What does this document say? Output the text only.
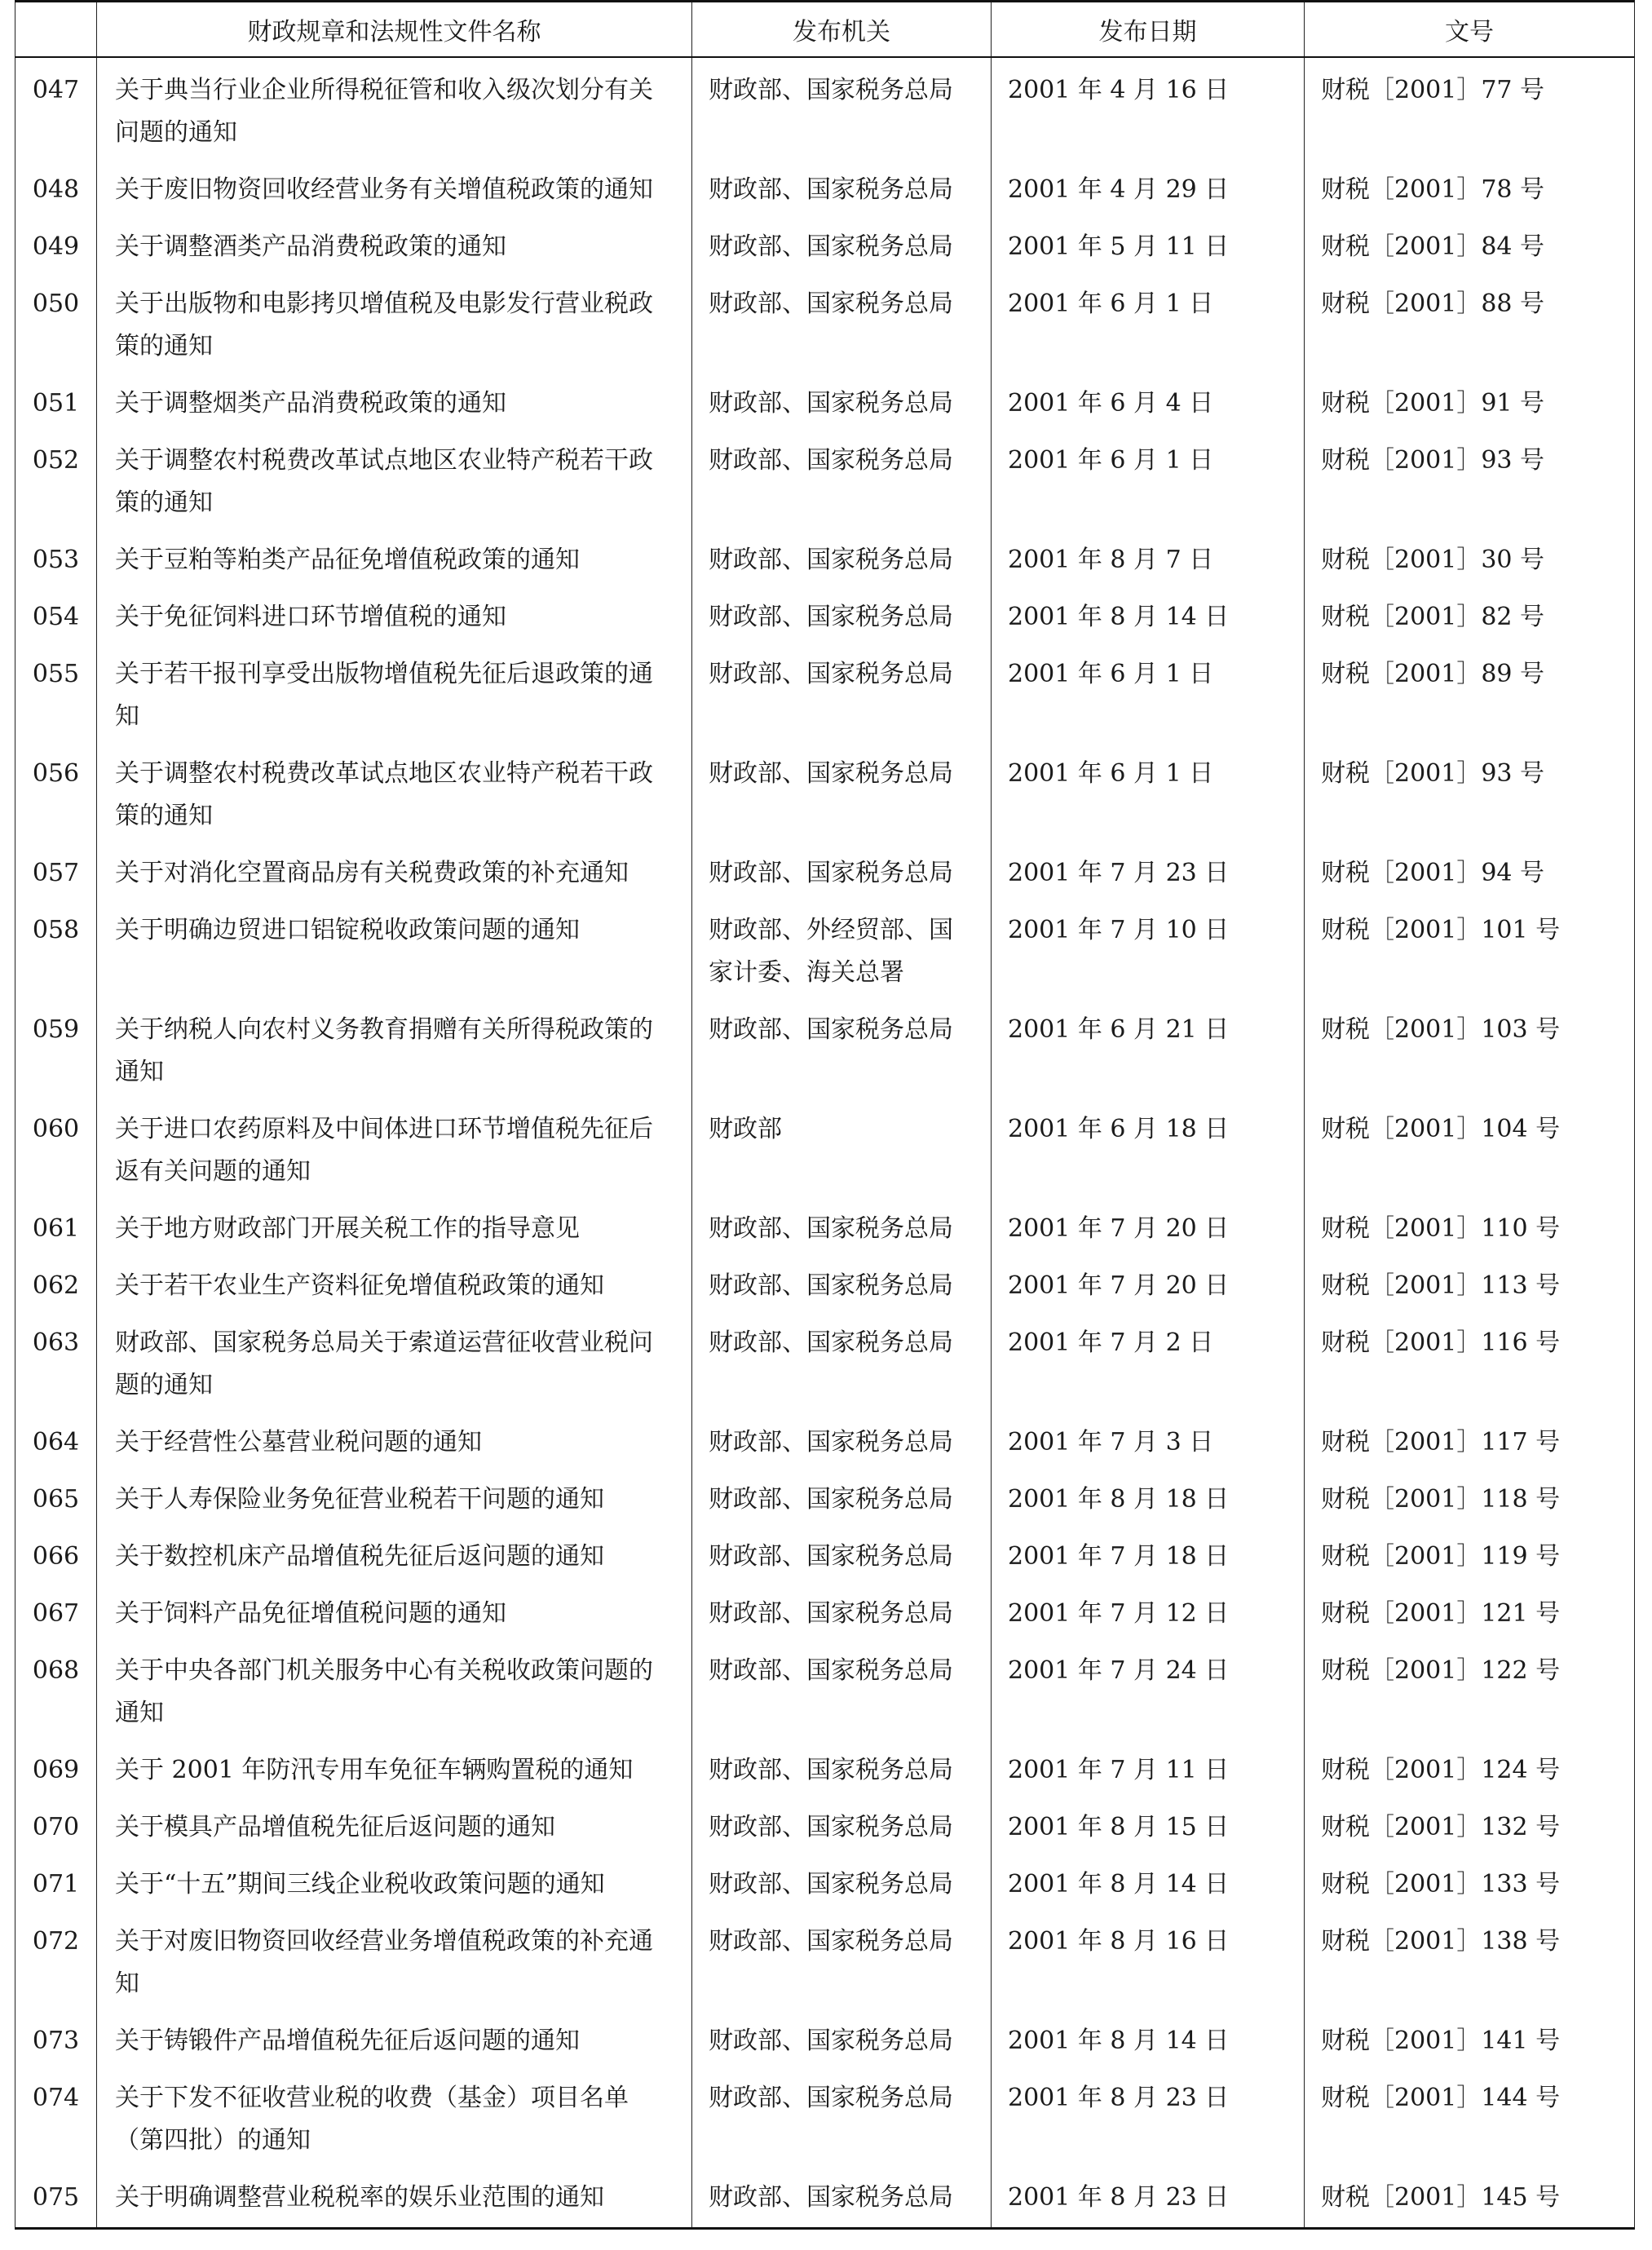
	财政规章和法规性文件名称	发布机关	发布日期	文号
047	关于典当行业企业所得税征管和收入级次划分有关问题的通知	财政部、国家税务总局	2001 年 4 月 16 日	财税［2001］77 号
048	关于废旧物资回收经营业务有关增值税政策的通知	财政部、国家税务总局	2001 年 4 月 29 日	财税［2001］78 号
049	关于调整酒类产品消费税政策的通知	财政部、国家税务总局	2001 年 5 月 11 日	财税［2001］84 号
050	关于出版物和电影拷贝增值税及电影发行营业税政策的通知	财政部、国家税务总局	2001 年 6 月 1 日	财税［2001］88 号
051	关于调整烟类产品消费税政策的通知	财政部、国家税务总局	2001 年 6 月 4 日	财税［2001］91 号
052	关于调整农村税费改革试点地区农业特产税若干政策的通知	财政部、国家税务总局	2001 年 6 月 1 日	财税［2001］93 号
053	关于豆粕等粕类产品征免增值税政策的通知	财政部、国家税务总局	2001 年 8 月 7 日	财税［2001］30 号
054	关于免征饲料进口环节增值税的通知	财政部、国家税务总局	2001 年 8 月 14 日	财税［2001］82 号
055	关于若干报刊享受出版物增值税先征后退政策的通知	财政部、国家税务总局	2001 年 6 月 1 日	财税［2001］89 号
056	关于调整农村税费改革试点地区农业特产税若干政策的通知	财政部、国家税务总局	2001 年 6 月 1 日	财税［2001］93 号
057	关于对消化空置商品房有关税费政策的补充通知	财政部、国家税务总局	2001 年 7 月 23 日	财税［2001］94 号
058	关于明确边贸进口铝锭税收政策问题的通知	财政部、外经贸部、国家计委、海关总署	2001 年 7 月 10 日	财税［2001］101 号
059	关于纳税人向农村义务教育捐赠有关所得税政策的通知	财政部、国家税务总局	2001 年 6 月 21 日	财税［2001］103 号
060	关于进口农药原料及中间体进口环节增值税先征后返有关问题的通知	财政部	2001 年 6 月 18 日	财税［2001］104 号
061	关于地方财政部门开展关税工作的指导意见	财政部、国家税务总局	2001 年 7 月 20 日	财税［2001］110 号
062	关于若干农业生产资料征免增值税政策的通知	财政部、国家税务总局	2001 年 7 月 20 日	财税［2001］113 号
063	财政部、国家税务总局关于索道运营征收营业税问题的通知	财政部、国家税务总局	2001 年 7 月 2 日	财税［2001］116 号
064	关于经营性公墓营业税问题的通知	财政部、国家税务总局	2001 年 7 月 3 日	财税［2001］117 号
065	关于人寿保险业务免征营业税若干问题的通知	财政部、国家税务总局	2001 年 8 月 18 日	财税［2001］118 号
066	关于数控机床产品增值税先征后返问题的通知	财政部、国家税务总局	2001 年 7 月 18 日	财税［2001］119 号
067	关于饲料产品免征增值税问题的通知	财政部、国家税务总局	2001 年 7 月 12 日	财税［2001］121 号
068	关于中央各部门机关服务中心有关税收政策问题的通知	财政部、国家税务总局	2001 年 7 月 24 日	财税［2001］122 号
069	关于 2001 年防汛专用车免征车辆购置税的通知	财政部、国家税务总局	2001 年 7 月 11 日	财税［2001］124 号
070	关于模具产品增值税先征后返问题的通知	财政部、国家税务总局	2001 年 8 月 15 日	财税［2001］132 号
071	关于“十五”期间三线企业税收政策问题的通知	财政部、国家税务总局	2001 年 8 月 14 日	财税［2001］133 号
072	关于对废旧物资回收经营业务增值税政策的补充通知	财政部、国家税务总局	2001 年 8 月 16 日	财税［2001］138 号
073	关于铸锻件产品增值税先征后返问题的通知	财政部、国家税务总局	2001 年 8 月 14 日	财税［2001］141 号
074	关于下发不征收营业税的收费（基金）项目名单（第四批）的通知	财政部、国家税务总局	2001 年 8 月 23 日	财税［2001］144 号
075	关于明确调整营业税税率的娱乐业范围的通知	财政部、国家税务总局	2001 年 8 月 23 日	财税［2001］145 号
